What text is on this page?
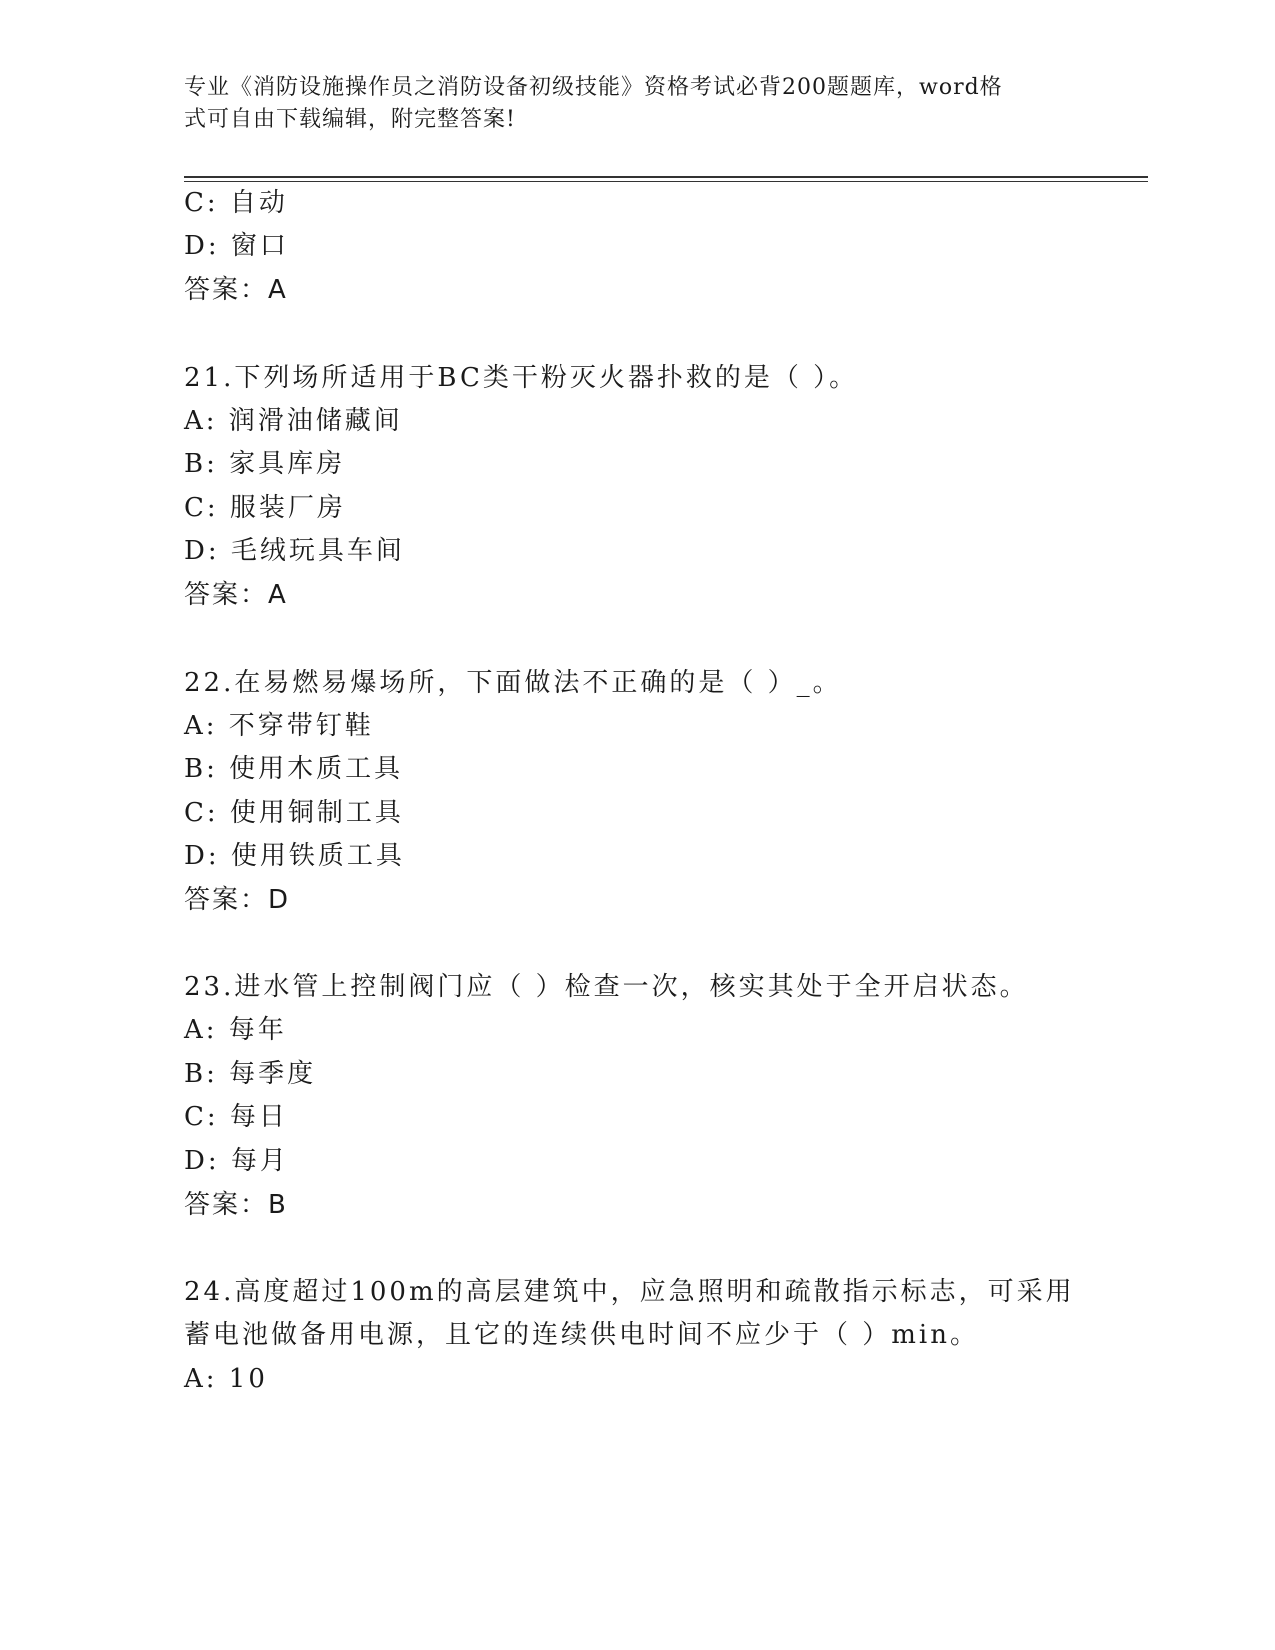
专业《消防设施操作员之消防设备初级技能》资格考试必背200题题库，word格
式可自由下载编辑，附完整答案!
C: 自动
D: 窗口
答案：A
21.下列场所适用于BC类干粉灭火器扑救的是（ ）。
A: 润滑油储藏间
B: 家具库房
C: 服装厂房
D: 毛绒玩具车间
答案：A
22.在易燃易爆场所，下面做法不正确的是（ ）_。
A: 不穿带钉鞋
B: 使用木质工具
C: 使用铜制工具
D: 使用铁质工具
答案：D
23.进水管上控制阀门应（ ）检查一次，核实其处于全开启状态。
A: 每年
B: 每季度
C: 每日
D: 每月
答案：B
24.高度超过100m的高层建筑中，应急照明和疏散指示标志，可采用
蓄电池做备用电源，且它的连续供电时间不应少于（ ）min。
A: 10
